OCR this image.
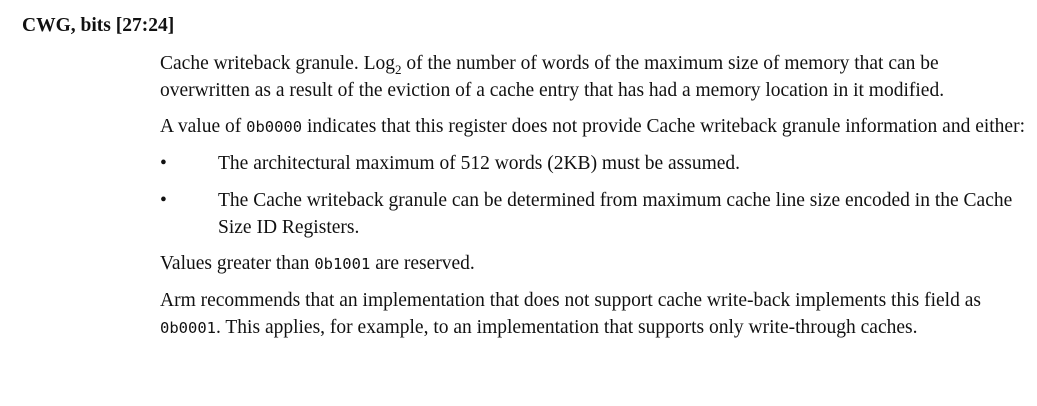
CWG, bits [27:24]

Cache writeback granule. Log$_2$ of the number of words of the maximum size of memory that can be overwritten as a result of the eviction of a cache entry that has had a memory location in it modified.

A value of 0b0000 indicates that this register does not provide Cache writeback granule information and either:

•	The architectural maximum of 512 words (2KB) must be assumed.
•	The Cache writeback granule can be determined from maximum cache line size encoded in the Cache Size ID Registers.

Values greater than 0b1001 are reserved.

Arm recommends that an implementation that does not support cache write-back implements this field as 0b0001. This applies, for example, to an implementation that supports only write-through caches.
